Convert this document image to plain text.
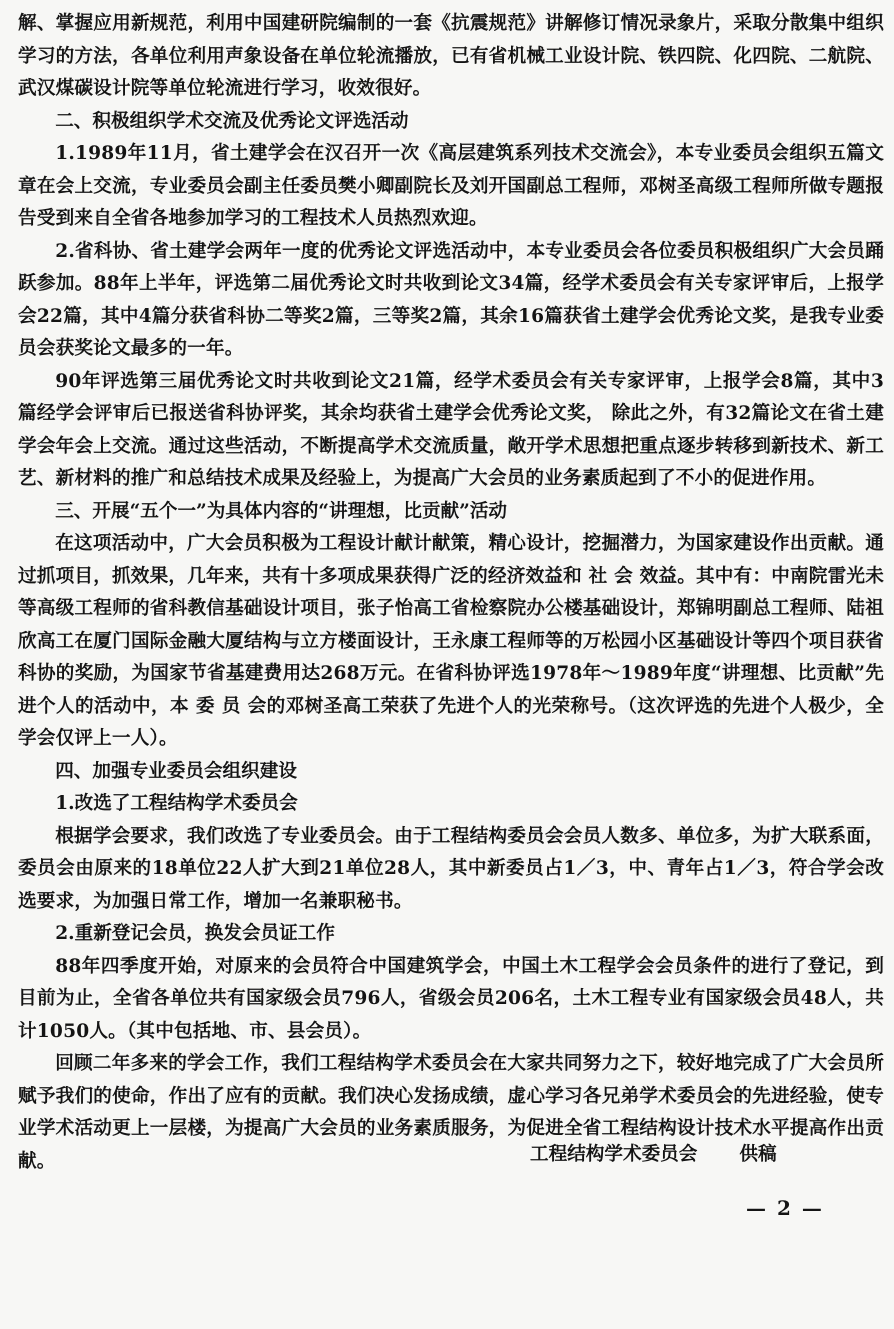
解、掌握应用新规范，利用中国建研院编制的一套《抗震规范》讲解修订情况录象片，采取分散集中组织学习的方法，各单位利用声象设备在单位轮流播放，已有省机械工业设计院、铁四院、化四院、二航院、武汉煤碳设计院等单位轮流进行学习，收效很好。

二、积极组织学术交流及优秀论文评选活动

1.1989年11月，省土建学会在汉召开一次《高层建筑系列技术交流会》，本专业委员会组织五篇文章在会上交流，专业委员会副主任委员樊小卿副院长及刘开国副总工程师，邓树圣高级工程师所做专题报告受到来自全省各地参加学习的工程技术人员热烈欢迎。

2.省科协、省土建学会两年一度的优秀论文评选活动中，本专业委员会各位委员积极组织广大会员踊跃参加。88年上半年，评选第二届优秀论文时共收到论文34篇，经学术委员会有关专家评审后，上报学会22篇，其中4篇分获省科协二等奖2篇，三等奖2篇，其余16篇获省土建学会优秀论文奖，是我专业委员会获奖论文最多的一年。

90年评选第三届优秀论文时共收到论文21篇，经学术委员会有关专家评审，上报学会8篇，其中3篇经学会评审后已报送省科协评奖，其余均获省土建学会优秀论文奖， 除此之外，有32篇论文在省土建学会年会上交流。通过这些活动，不断提高学术交流质量，敞开学术思想把重点逐步转移到新技术、新工艺、新材料的推广和总结技术成果及经验上，为提高广大会员的业务素质起到了不小的促进作用。

三、开展“五个一”为具体内容的“讲理想，比贡献”活动

在这项活动中，广大会员积极为工程设计献计献策，精心设计，挖掘潜力，为国家建设作出贡献。通过抓项目，抓效果，几年来，共有十多项成果获得广泛的经济效益和 社 会 效益。其中有：中南院雷光未等高级工程师的省科教信基础设计项目，张子怡高工省检察院办公楼基础设计，郑锦明副总工程师、陆祖欣高工在厦门国际金融大厦结构与立方楼面设计，王永康工程师等的万松园小区基础设计等四个项目获省科协的奖励，为国家节省基建费用达268万元。在省科协评选1978年～1989年度“讲理想、比贡献”先进个人的活动中，本 委 员 会的邓树圣高工荣获了先进个人的光荣称号。（这次评选的先进个人极少，全学会仅评上一人）。

四、加强专业委员会组织建设

1.改选了工程结构学术委员会

根据学会要求，我们改选了专业委员会。由于工程结构委员会会员人数多、单位多，为扩大联系面，委员会由原来的18单位22人扩大到21单位28人，其中新委员占1／3，中、青年占1／3，符合学会改选要求，为加强日常工作，增加一名兼职秘书。

2.重新登记会员，换发会员证工作

88年四季度开始，对原来的会员符合中国建筑学会，中国土木工程学会会员条件的进行了登记，到目前为止，全省各单位共有国家级会员796人，省级会员206名，土木工程专业有国家级会员48人，共计1050人。（其中包括地、市、县会员）。

回顾二年多来的学会工作，我们工程结构学术委员会在大家共同努力之下，较好地完成了广大会员所赋予我们的使命，作出了应有的贡献。我们决心发扬成绩，虚心学习各兄弟学术委员会的先进经验，使专业学术活动更上一层楼，为提高广大会员的业务素质服务，为促进全省工程结构设计技术水平提高作出贡献。	工程结构学术委员会 供稿
— 2 —
